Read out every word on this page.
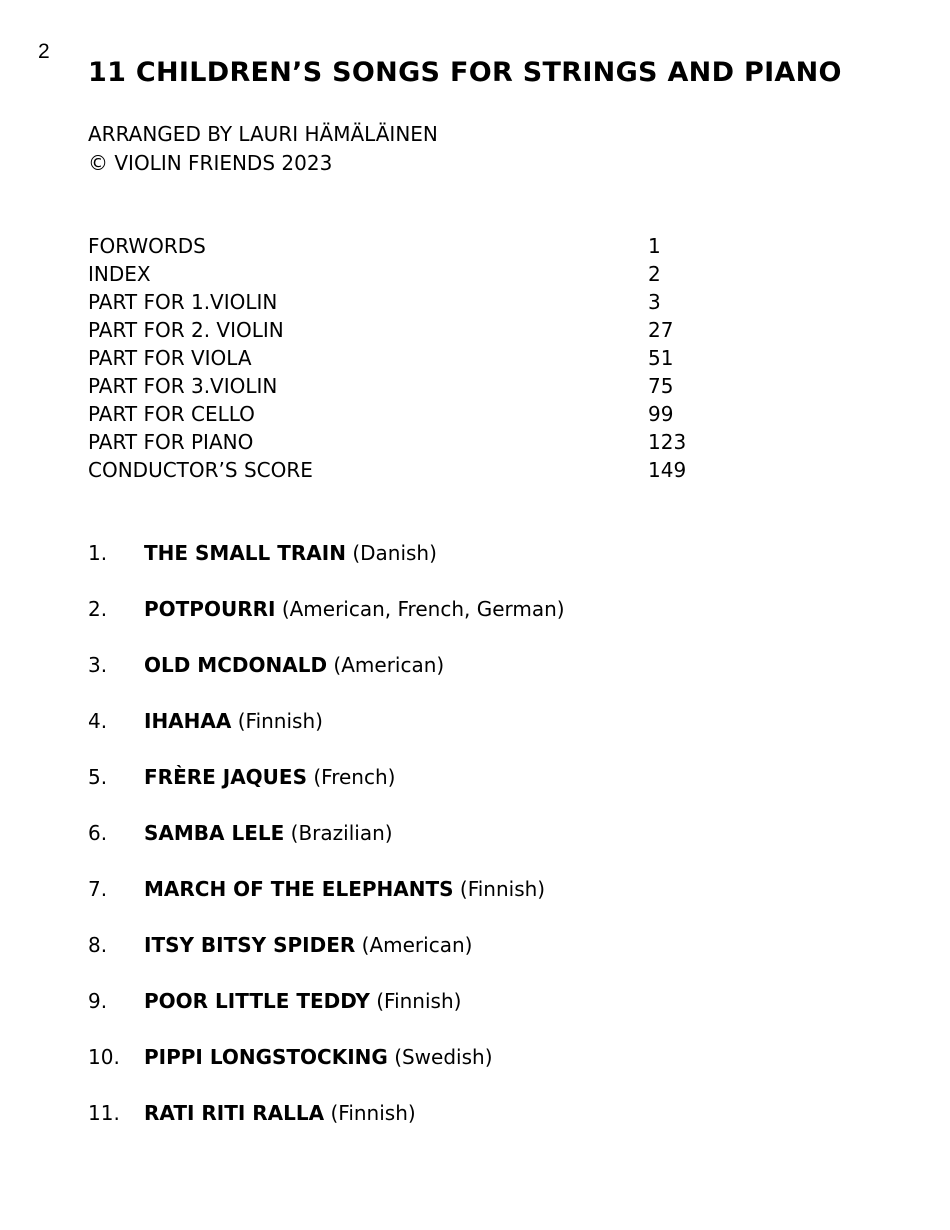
2
11 CHILDREN’S SONGS FOR STRINGS AND PIANO
ARRANGED BY LAURI HÄMÄLÄINEN
© VIOLIN FRIENDS 2023
FORWORDS	1
INDEX	2
PART FOR 1.VIOLIN	3
PART FOR 2. VIOLIN	27
PART FOR VIOLA	51
PART FOR 3.VIOLIN	75
PART FOR CELLO	99
PART FOR PIANO	123
CONDUCTOR’S SCORE	149
1. THE SMALL TRAIN (Danish)
2. POTPOURRI (American, French, German)
3. OLD MCDONALD (American)
4. IHAHAA (Finnish)
5. FRÈRE JAQUES (French)
6. SAMBA LELE (Brazilian)
7. MARCH OF THE ELEPHANTS (Finnish)
8. ITSY BITSY SPIDER (American)
9. POOR LITTLE TEDDY (Finnish)
10. PIPPI LONGSTOCKING (Swedish)
11. RATI RITI RALLA (Finnish)
